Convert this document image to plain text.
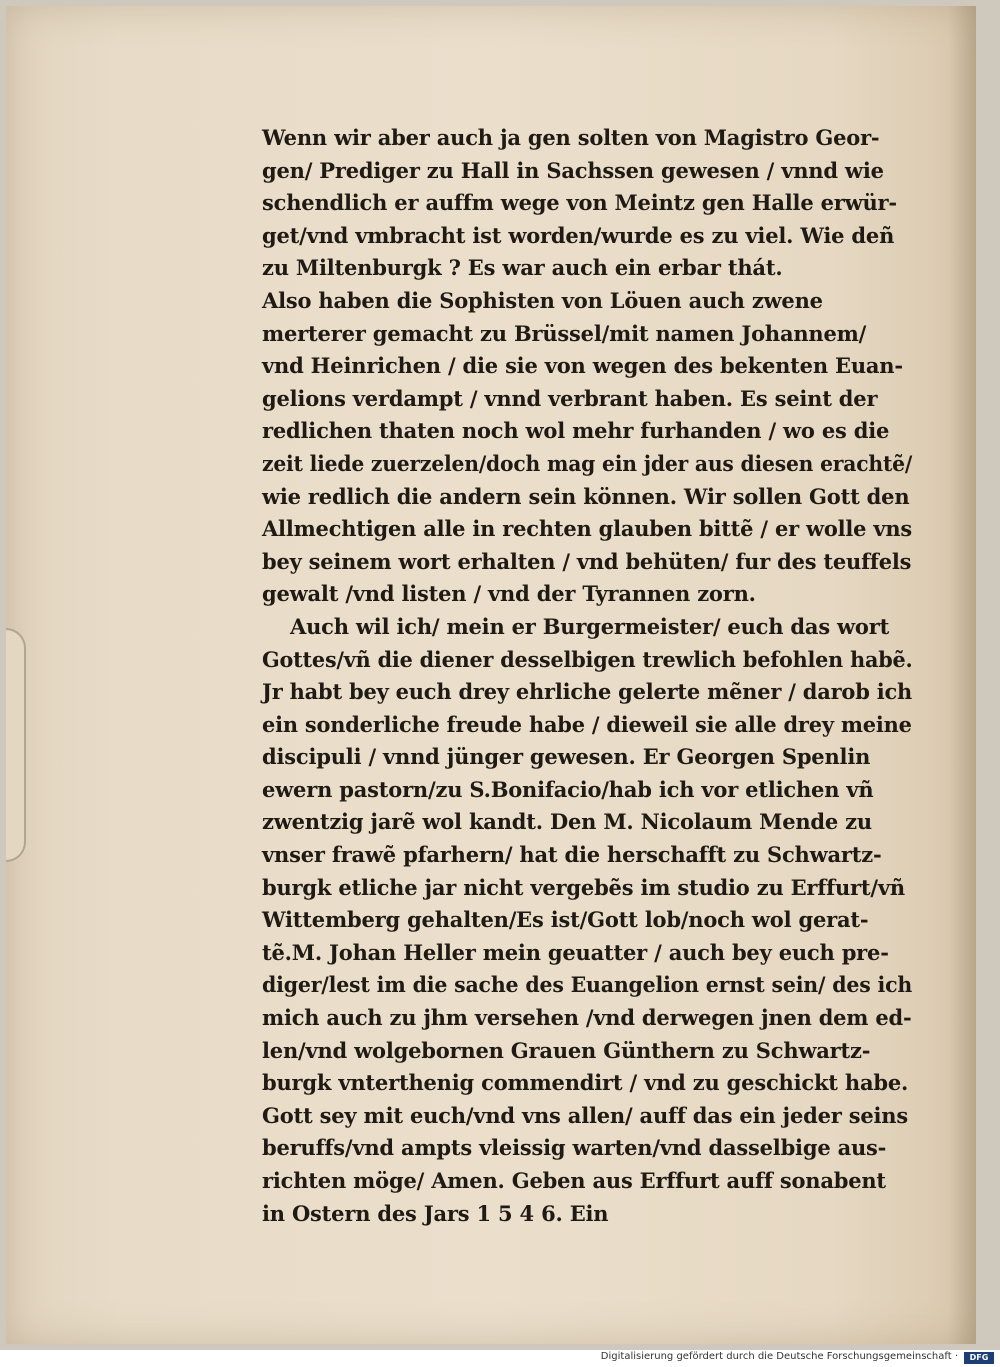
Wenn wir aber auch ja gen solten von Magistro Geor-
gen/ Prediger zu Hall in Sachssen gewesen / vnnd wie
schendlich er auffm wege von Meintz gen Halle erwür-
get/vnd vmbracht ist worden/wurde es zu viel. Wie deñ
zu Miltenburgk ? Es war auch ein erbar thát.
Also haben die Sophisten von Löuen auch zwene
merterer gemacht zu Brüssel/mit namen Johannem/
vnd Heinrichen / die sie von wegen des bekenten Euan-
gelions verdampt / vnnd verbrant haben. Es seint der
redlichen thaten noch wol mehr furhanden / wo es die
zeit liede zuerzelen/doch mag ein jder aus diesen erachtẽ/
wie redlich die andern sein können. Wir sollen Gott den
Allmechtigen alle in rechten glauben bittẽ / er wolle vns
bey seinem wort erhalten / vnd behüten/ fur des teuffels
gewalt /vnd listen / vnd der Tyrannen zorn.
Auch wil ich/ mein er Burgermeister/ euch das wort
Gottes/vñ die diener desselbigen trewlich befohlen habẽ.
Jr habt bey euch drey ehrliche gelerte mẽner / darob ich
ein sonderliche freude habe / dieweil sie alle drey meine
discipuli / vnnd jünger gewesen. Er Georgen Spenlin
ewern pastorn/zu S.Bonifacio/hab ich vor etlichen vñ
zwentzig jarẽ wol kandt. Den M. Nicolaum Mende zu
vnser frawẽ pfarhern/ hat die herschafft zu Schwartz-
burgk etliche jar nicht vergebẽs im studio zu Erffurt/vñ
Wittemberg gehalten/Es ist/Gott lob/noch wol gerat-
tẽ.M. Johan Heller mein geuatter / auch bey euch pre-
diger/lest im die sache des Euangelion ernst sein/ des ich
mich auch zu jhm versehen /vnd derwegen jnen dem ed-
len/vnd wolgebornen Grauen Günthern zu Schwartz-
burgk vnterthenig commendirt / vnd zu geschickt habe.
Gott sey mit euch/vnd vns allen/ auff das ein jeder seins
beruffs/vnd ampts vleissig warten/vnd dasselbige aus-
richten möge/ Amen. Geben aus Erffurt auff sonabent
in Ostern des Jars 1 5 4 6. Ein
Digitalisierung gefördert durch die Deutsche Forschungsgemeinschaft ·	DFG
